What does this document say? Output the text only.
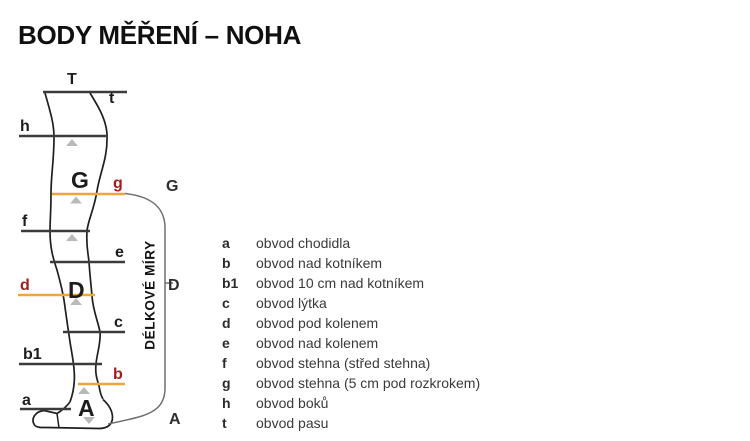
BODY MĚŘENÍ – NOHA
T
t
h
G g	G
f
e
d D	D
c
b1
b
a A	A
DÉLKOVÉ MÍRY	a	obvod chodidla
b	obvod nad kotníkem
b1	obvod 10 cm nad kotníkem
c	obvod lýtka
d	obvod pod kolenem
e	obvod nad kolenem
f	obvod stehna (střed stehna)
g	obvod stehna (5 cm pod rozkrokem)
h	obvod boků
t	obvod pasu
